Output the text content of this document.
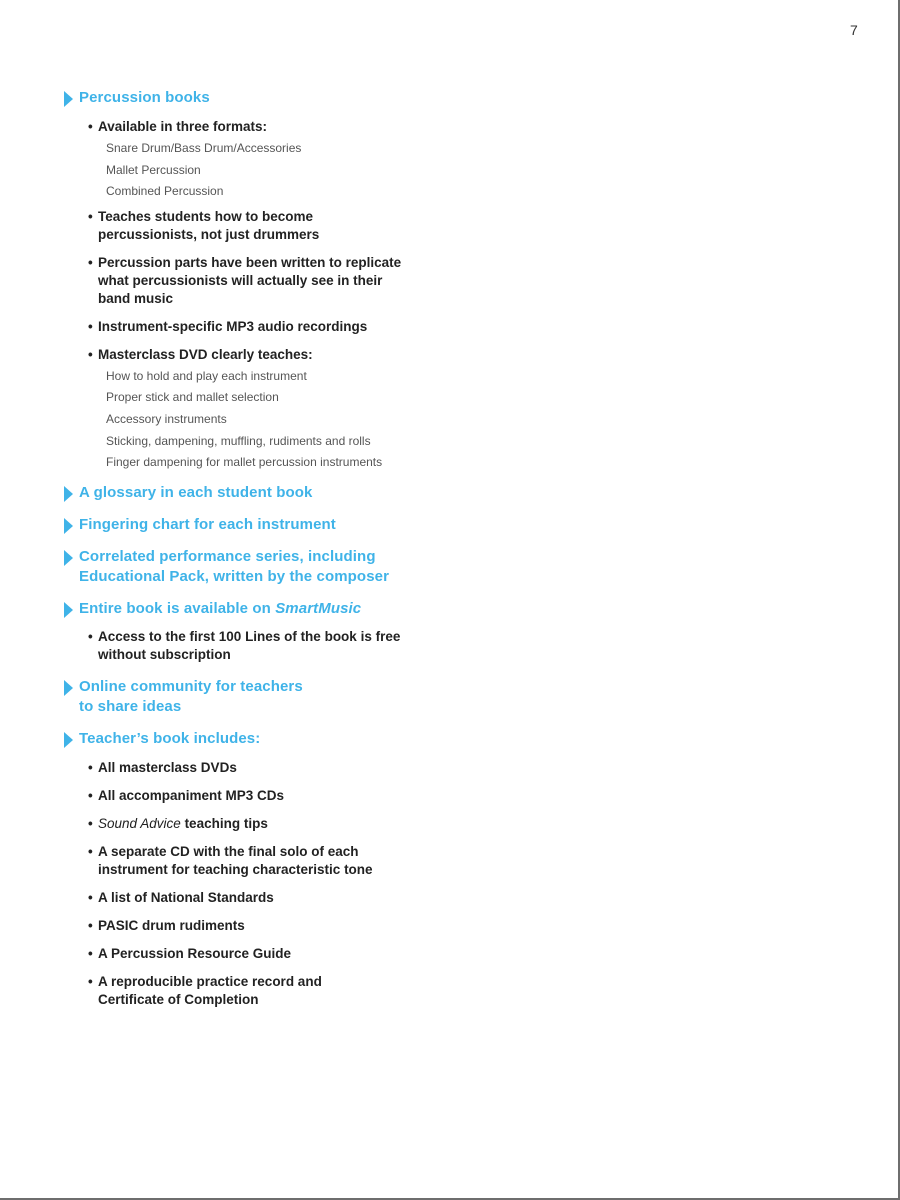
7
Percussion books
• Available in three formats:
Snare Drum/Bass Drum/Accessories
Mallet Percussion
Combined Percussion
• Teaches students how to become
percussionists, not just drummers
• Percussion parts have been written to replicate
what percussionists will actually see in their
band music
• Instrument-specific MP3 audio recordings
• Masterclass DVD clearly teaches:
How to hold and play each instrument
Proper stick and mallet selection
Accessory instruments
Sticking, dampening, muffling, rudiments and rolls
Finger dampening for mallet percussion instruments
A glossary in each student book
Fingering chart for each instrument
Correlated performance series, including
Educational Pack, written by the composer
Entire book is available on SmartMusic
• Access to the first 100 Lines of the book is free
without subscription
Online community for teachers
to share ideas
Teacher’s book includes:
• All masterclass DVDs
• All accompaniment MP3 CDs
• Sound Advice teaching tips
• A separate CD with the final solo of each
instrument for teaching characteristic tone
• A list of National Standards
• PASIC drum rudiments
• A Percussion Resource Guide
• A reproducible practice record and
Certificate of Completion
